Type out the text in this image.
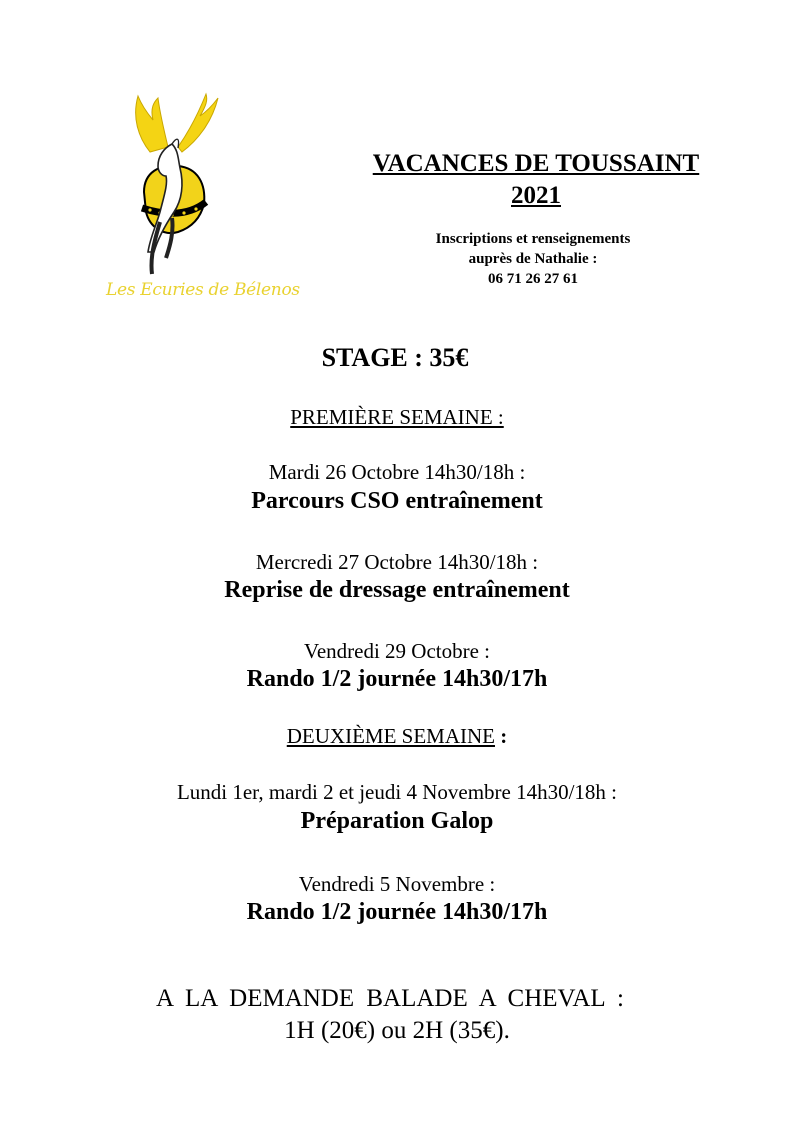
Les Ecuries de Bélenos
VACANCES DE TOUSSAINT
2021
Inscriptions et renseignements
auprès de Nathalie :
06 71 26 27 61
STAGE : 35€
PREMIÈRE SEMAINE :
Mardi 26 Octobre 14h30/18h :
Parcours CSO entraînement
Mercredi 27 Octobre 14h30/18h :
Reprise de dressage entraînement
Vendredi 29 Octobre :
Rando 1/2 journée 14h30/17h
DEUXIÈME SEMAINE :
Lundi 1er, mardi 2 et jeudi 4 Novembre 14h30/18h :
Préparation Galop
Vendredi 5 Novembre :
Rando 1/2 journée 14h30/17h
A LA DEMANDE BALADE A CHEVAL :
1H (20€) ou 2H (35€).
